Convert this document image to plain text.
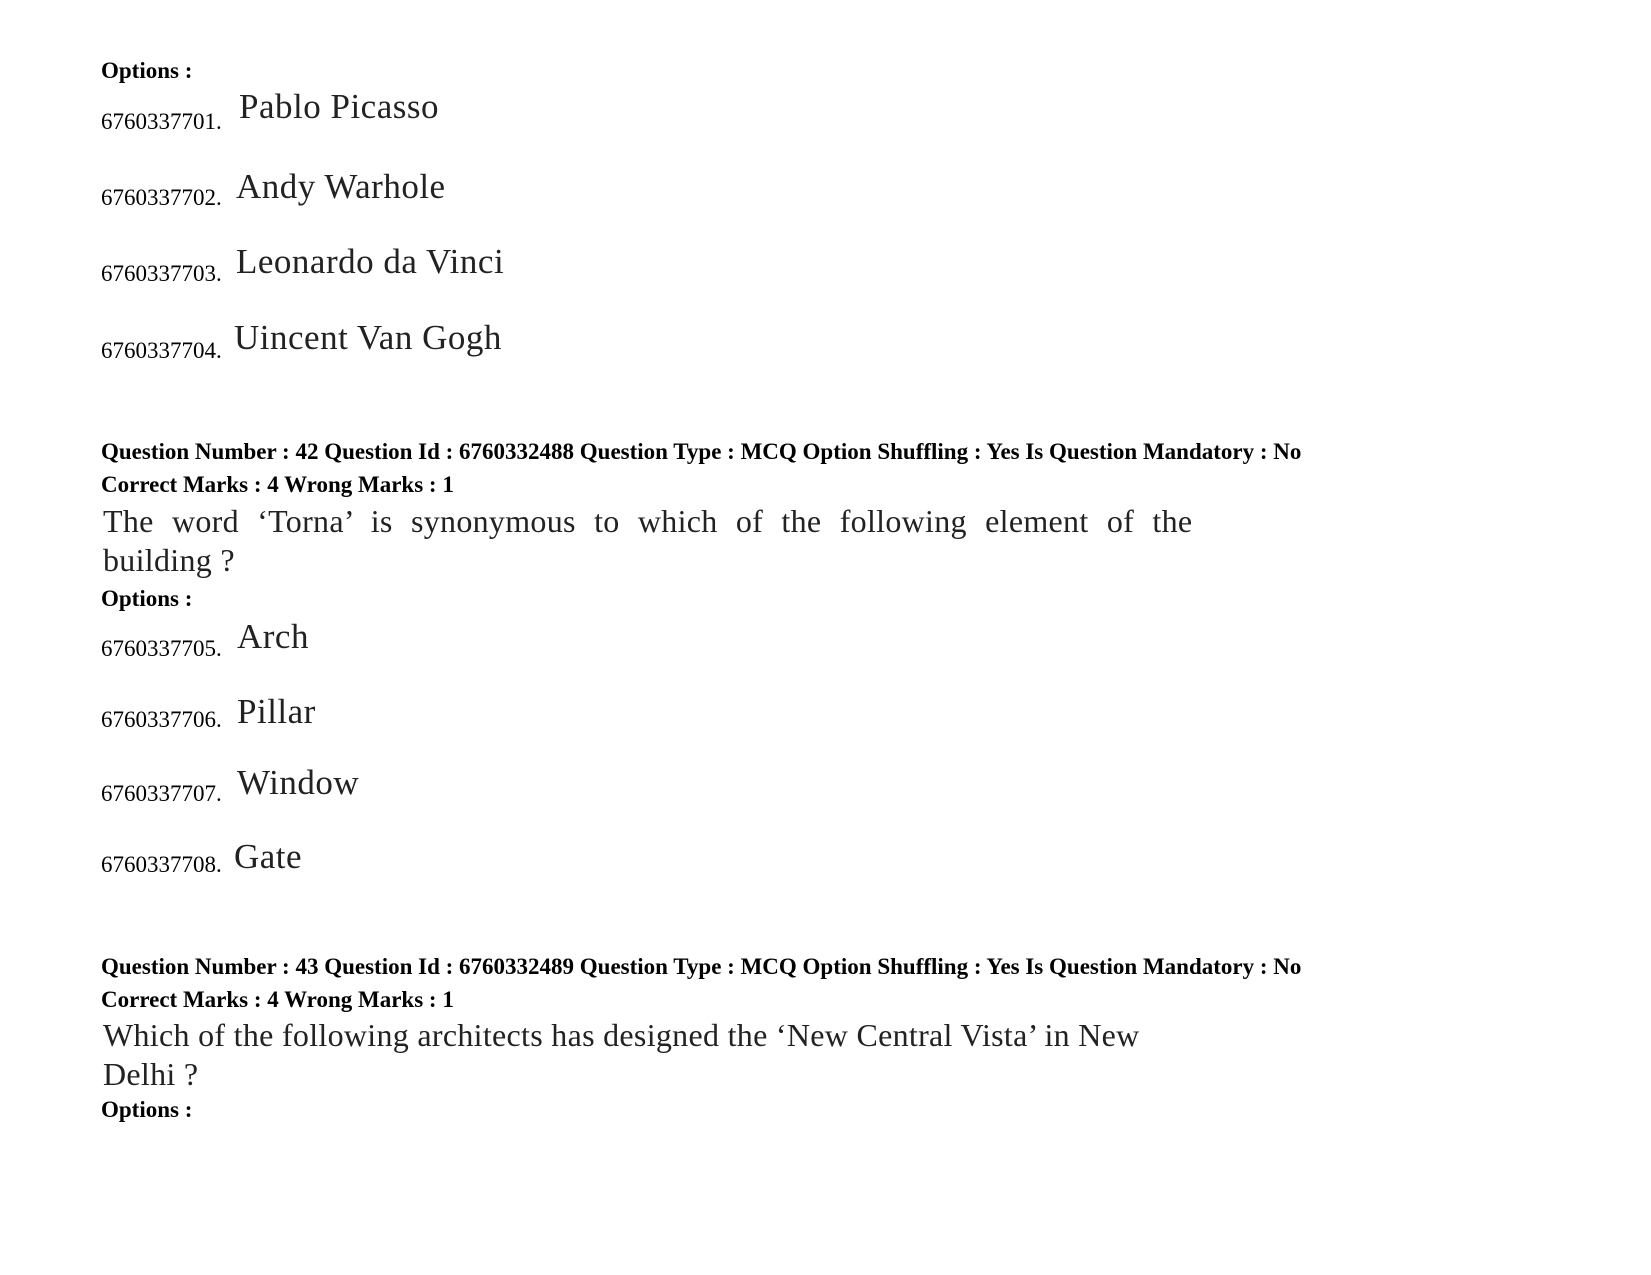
Options :
6760337701. Pablo Picasso
6760337702. Andy Warhole
6760337703. Leonardo da Vinci
6760337704. Uincent Van Gogh
Question Number : 42 Question Id : 6760332488 Question Type : MCQ Option Shuffling : Yes Is Question Mandatory : No
Correct Marks : 4 Wrong Marks : 1
The word ‘Torna’ is synonymous to which of the following element of the
building ?
Options :
6760337705. Arch
6760337706. Pillar
6760337707. Window
6760337708. Gate
Question Number : 43 Question Id : 6760332489 Question Type : MCQ Option Shuffling : Yes Is Question Mandatory : No
Correct Marks : 4 Wrong Marks : 1
Which of the following architects has designed the ‘New Central Vista’ in New
Delhi ?
Options :
